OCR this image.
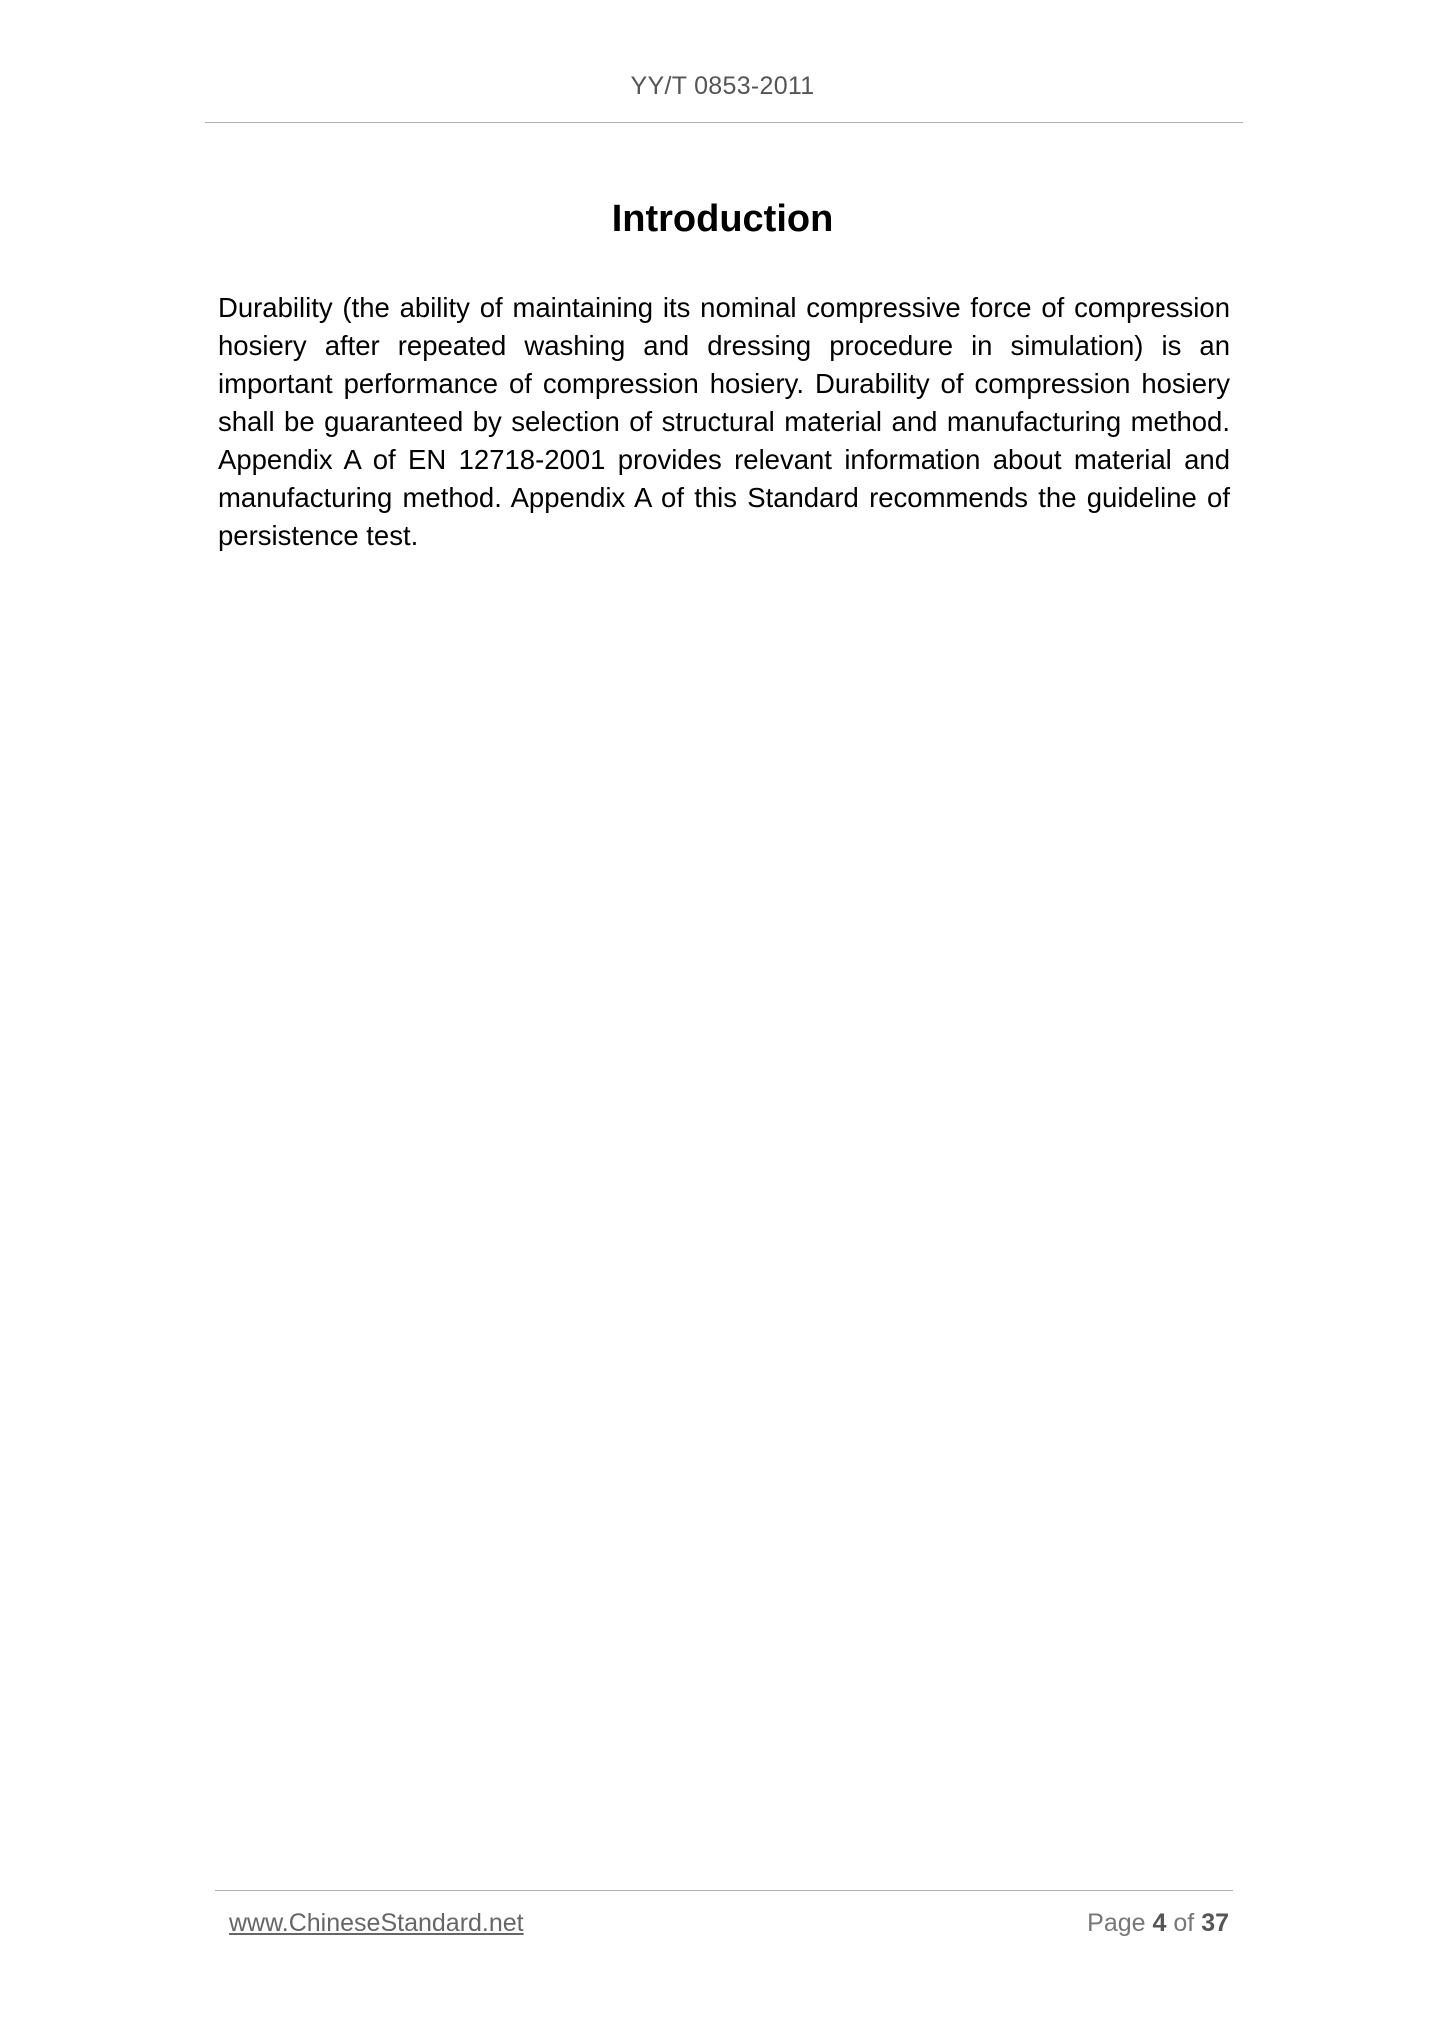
YY/T 0853-2011
Introduction

Durability (the ability of maintaining its nominal compressive force of compression hosiery after repeated washing and dressing procedure in simulation) is an important performance of compression hosiery. Durability of compression hosiery shall be guaranteed by selection of structural material and manufacturing method. Appendix A of EN 12718-2001 provides relevant information about material and manufacturing method. Appendix A of this Standard recommends the guideline of persistence test.

www.ChineseStandard.net	Page 4 of 37
